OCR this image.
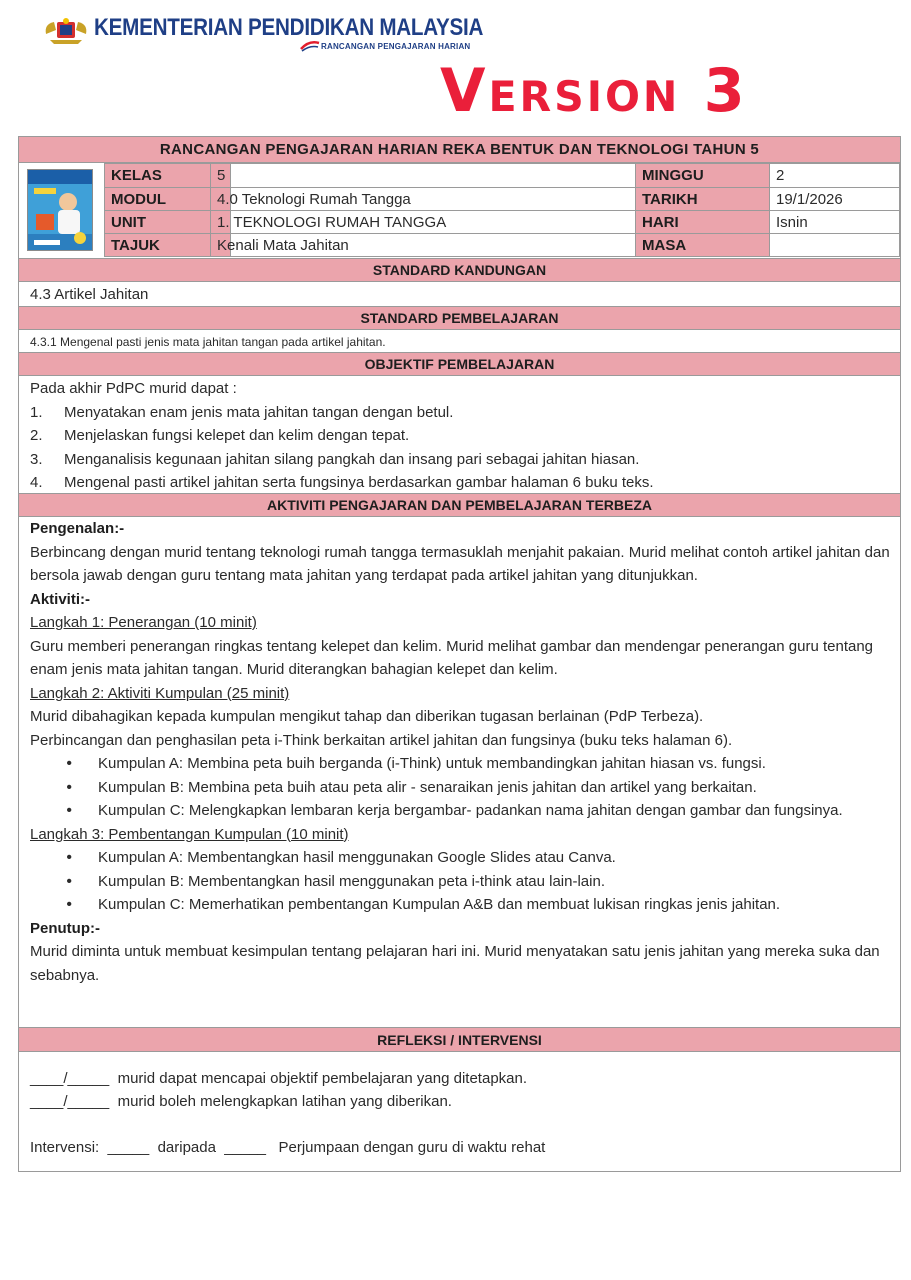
KEMENTERIAN PENDIDIKAN MALAYSIA
RANCANGAN PENGAJARAN HARIAN
Version 3
RANCANGAN PENGAJARAN HARIAN REKA BENTUK DAN TEKNOLOGI TAHUN 5
KELAS	5	MINGGU	2
MODUL	4.0 Teknologi Rumah Tangga	TARIKH	19/1/2026
UNIT	1. TEKNOLOGI RUMAH TANGGA	HARI	Isnin
TAJUK	Kenali Mata Jahitan	MASA
STANDARD KANDUNGAN
4.3 Artikel Jahitan
STANDARD PEMBELAJARAN
4.3.1 Mengenal pasti jenis mata jahitan tangan pada artikel jahitan.
OBJEKTIF PEMBELAJARAN
Pada akhir PdPC murid dapat :
1.	Menyatakan enam jenis mata jahitan tangan dengan betul.
2.	Menjelaskan fungsi kelepet dan kelim dengan tepat.
3.	Menganalisis kegunaan jahitan silang pangkah dan insang pari sebagai jahitan hiasan.
4.	Mengenal pasti artikel jahitan serta fungsinya berdasarkan gambar halaman 6 buku teks.
AKTIVITI PENGAJARAN DAN PEMBELAJARAN TERBEZA
Pengenalan:-
Berbincang dengan murid tentang teknologi rumah tangga termasuklah menjahit pakaian. Murid melihat contoh artikel jahitan dan bersola jawab dengan guru tentang mata jahitan yang terdapat pada artikel jahitan yang ditunjukkan.
Aktiviti:-
Langkah 1: Penerangan (10 minit)
Guru memberi penerangan ringkas tentang kelepet dan kelim. Murid melihat gambar dan mendengar penerangan guru tentang enam jenis mata jahitan tangan. Murid diterangkan bahagian kelepet dan kelim.
Langkah 2: Aktiviti Kumpulan (25 minit)
Murid dibahagikan kepada kumpulan mengikut tahap dan diberikan tugasan berlainan (PdP Terbeza).
Perbincangan dan penghasilan peta i-Think berkaitan artikel jahitan dan fungsinya (buku teks halaman 6).
•	Kumpulan A: Membina peta buih berganda (i-Think) untuk membandingkan jahitan hiasan vs. fungsi.
•	Kumpulan B: Membina peta buih atau peta alir - senaraikan jenis jahitan dan artikel yang berkaitan.
•	Kumpulan C: Melengkapkan lembaran kerja bergambar- padankan nama jahitan dengan gambar dan fungsinya.
Langkah 3: Pembentangan Kumpulan (10 minit)
•	Kumpulan A: Membentangkan hasil menggunakan Google Slides atau Canva.
•	Kumpulan B: Membentangkan hasil menggunakan peta i-think atau lain-lain.
•	Kumpulan C: Memerhatikan pembentangan Kumpulan A&B dan membuat lukisan ringkas jenis jahitan.
Penutup:-
Murid diminta untuk membuat kesimpulan tentang pelajaran hari ini. Murid menyatakan satu jenis jahitan yang mereka suka dan sebabnya.
REFLEKSI / INTERVENSI
____/_____  murid dapat mencapai objektif pembelajaran yang ditetapkan.
____/_____  murid boleh melengkapkan latihan yang diberikan.
Intervensi:  _____  daripada  _____   Perjumpaan dengan guru di waktu rehat
